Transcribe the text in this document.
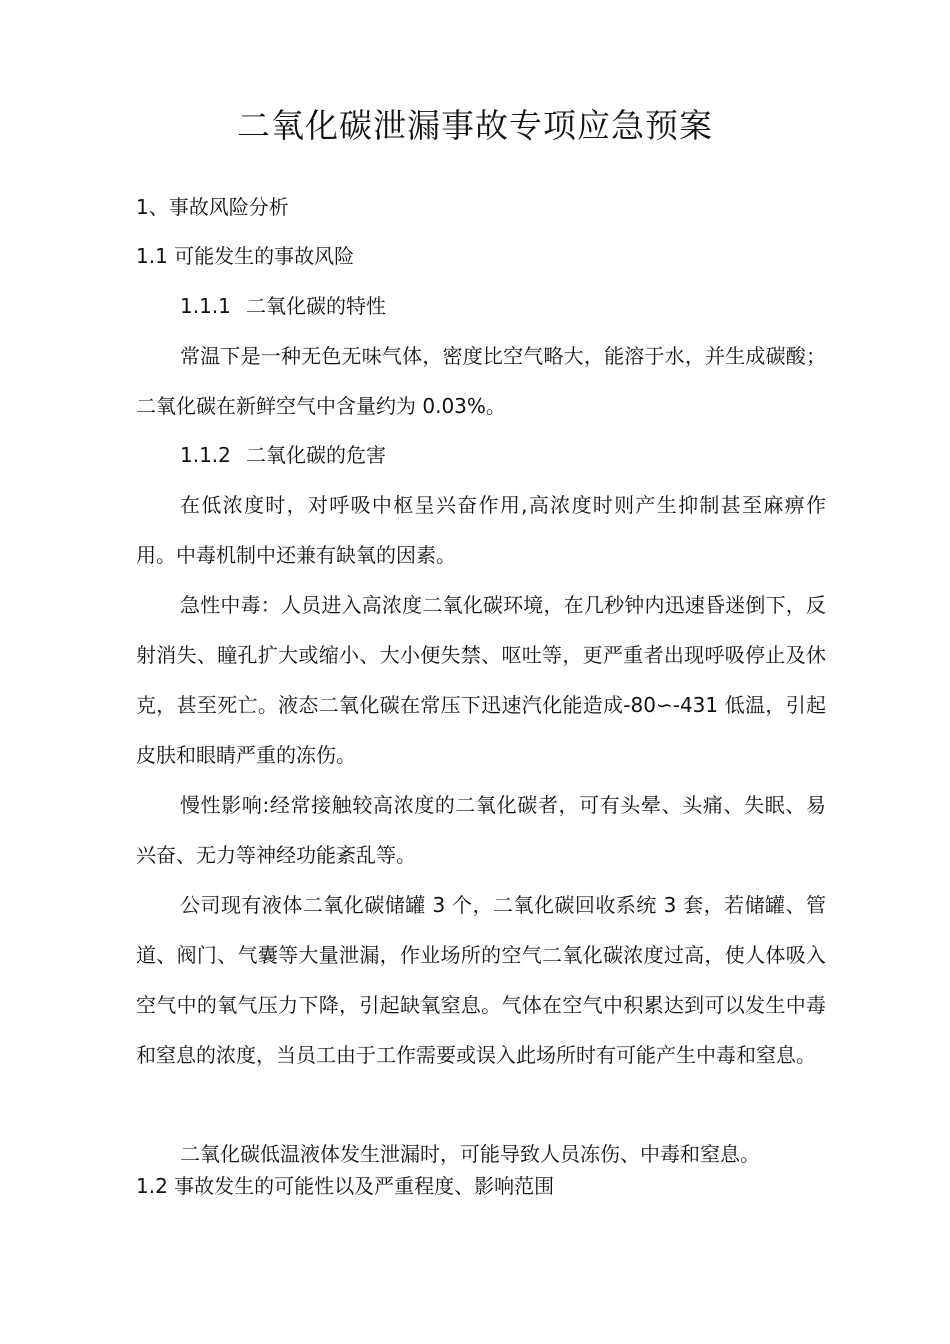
二氧化碳泄漏事故专项应急预案
1、事故风险分析
1.1 可能发生的事故风险
1.1.1 二氧化碳的特性

常温下是一种无色无味气体，密度比空气略大，能溶于水，并生成碳酸；二氧化碳在新鲜空气中含量约为 0.03%。

1.1.2 二氧化碳的危害

在低浓度时，对呼吸中枢呈兴奋作用,高浓度时则产生抑制甚至麻痹作用。中毒机制中还兼有缺氧的因素。

急性中毒：人员进入高浓度二氧化碳环境，在几秒钟内迅速昏迷倒下，反射消失、瞳孔扩大或缩小、大小便失禁、呕吐等，更严重者出现呼吸停止及休克，甚至死亡。液态二氧化碳在常压下迅速汽化能造成-80∽-431 低温，引起皮肤和眼睛严重的冻伤。

慢性影响:经常接触较高浓度的二氧化碳者，可有头晕、头痛、失眠、易兴奋、无力等神经功能紊乱等。

公司现有液体二氧化碳储罐 3 个，二氧化碳回收系统 3 套，若储罐、管道、阀门、气囊等大量泄漏，作业场所的空气二氧化碳浓度过高，使人体吸入空气中的氧气压力下降，引起缺氧窒息。气体在空气中积累达到可以发生中毒和窒息的浓度，当员工由于工作需要或误入此场所时有可能产生中毒和窒息。

二氧化碳低温液体发生泄漏时，可能导致人员冻伤、中毒和窒息。

1.2 事故发生的可能性以及严重程度、影响范围
